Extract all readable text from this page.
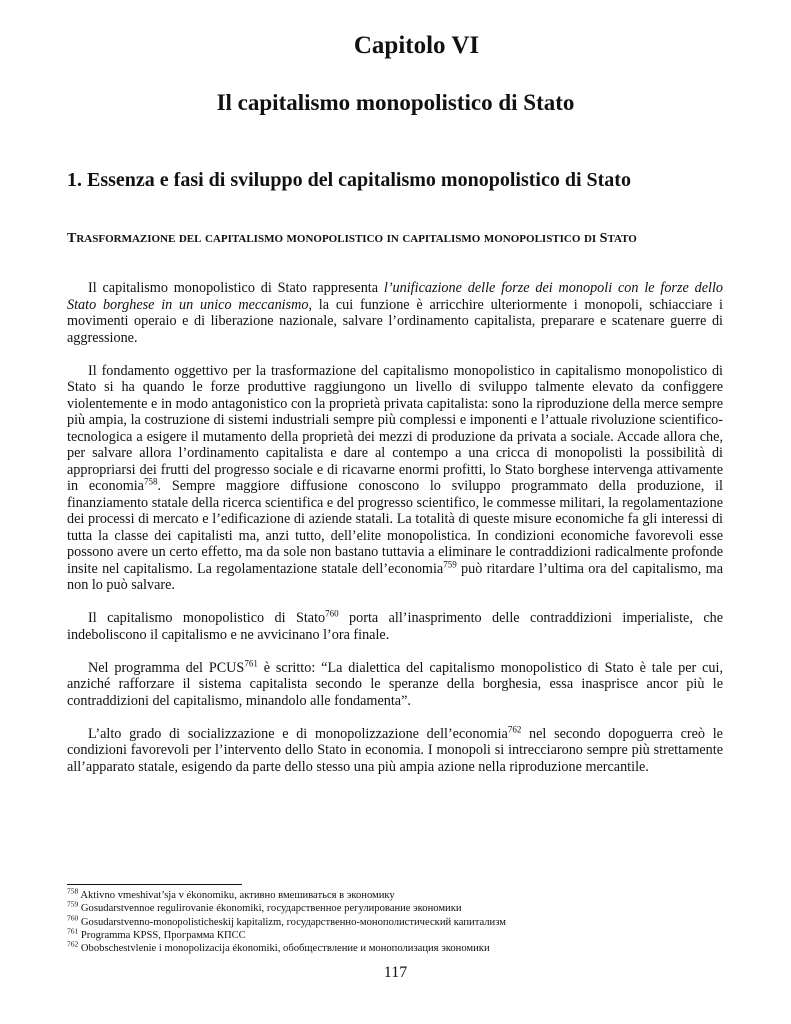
Capitolo VI
Il capitalismo monopolistico di Stato
1. Essenza e fasi di sviluppo del capitalismo monopolistico di Stato
TRASFORMAZIONE DEL CAPITALISMO MONOPOLISTICO IN CAPITALISMO MONOPOLISTICO DI STATO

Il capitalismo monopolistico di Stato rappresenta l’unificazione delle forze dei monopoli con le forze dello Stato borghese in un unico meccanismo, la cui funzione è arricchire ulteriormente i monopoli, schiacciare i movimenti operaio e di liberazione nazionale, salvare l’ordinamento capitalista, preparare e scatenare guerre di aggressione.

Il fondamento oggettivo per la trasformazione del capitalismo monopolistico in capitalismo monopolistico di Stato si ha quando le forze produttive raggiungono un livello di sviluppo talmente elevato da configgere violentemente e in modo antagonistico con la proprietà privata capitalista: sono la riproduzione della merce sempre più ampia, la costruzione di sistemi industriali sempre più complessi e imponenti e l’attuale rivoluzione scientifico-tecnologica a esigere il mutamento della proprietà dei mezzi di produzione da privata a sociale. Accade allora che, per salvare allora l’ordinamento capitalista e dare al contempo a una cricca di monopolisti la possibilità di appropriarsi dei frutti del progresso sociale e di ricavarne enormi profitti, lo Stato borghese intervenga attivamente in economia$^{758}$. Sempre maggiore diffusione conoscono lo sviluppo programmato della produzione, il finanziamento statale della ricerca scientifica e del progresso scientifico, le commesse militari, la regolamentazione dei processi di mercato e l’edificazione di aziende statali. La totalità di queste misure economiche fa gli interessi di tutta la classe dei capitalisti ma, anzi tutto, dell’elite monopolistica. In condizioni economiche favorevoli esse possono avere un certo effetto, ma da sole non bastano tuttavia a eliminare le contraddizioni radicalmente profonde insite nel capitalismo. La regolamentazione statale dell’economia$^{759}$ può ritardare l’ultima ora del capitalismo, ma non lo può salvare.

Il capitalismo monopolistico di Stato$^{760}$ porta all’inasprimento delle contraddizioni imperialiste, che indeboliscono il capitalismo e ne avvicinano l’ora finale.

Nel programma del PCUS$^{761}$ è scritto: “La dialettica del capitalismo monopolistico di Stato è tale per cui, anziché rafforzare il sistema capitalista secondo le speranze della borghesia, essa inasprisce ancor più le contraddizioni del capitalismo, minandolo alle fondamenta”.

L’alto grado di socializzazione e di monopolizzazione dell’economia$^{762}$ nel secondo dopoguerra creò le condizioni favorevoli per l’intervento dello Stato in economia. I monopoli si intrecciarono sempre più strettamente all’apparato statale, esigendo da parte dello stesso una più ampia azione nella riproduzione mercantile.

$^{758}$ Aktivno vmeshivat’sja v ékonomiku, активно вмешиваться в экономику
$^{759}$ Gosudarstvennoe regulirovanie ékonomiki, государственное регулирование экономики
$^{760}$ Gosudarstvenno-monopolisticheskij kapitalizm, государственно-монополистический капитализм
$^{761}$ Programma KPSS, Программа КПСС
$^{762}$ Obobschestvlenie i monopolizacija ékonomiki, обобществление и монополизация экономики
117
